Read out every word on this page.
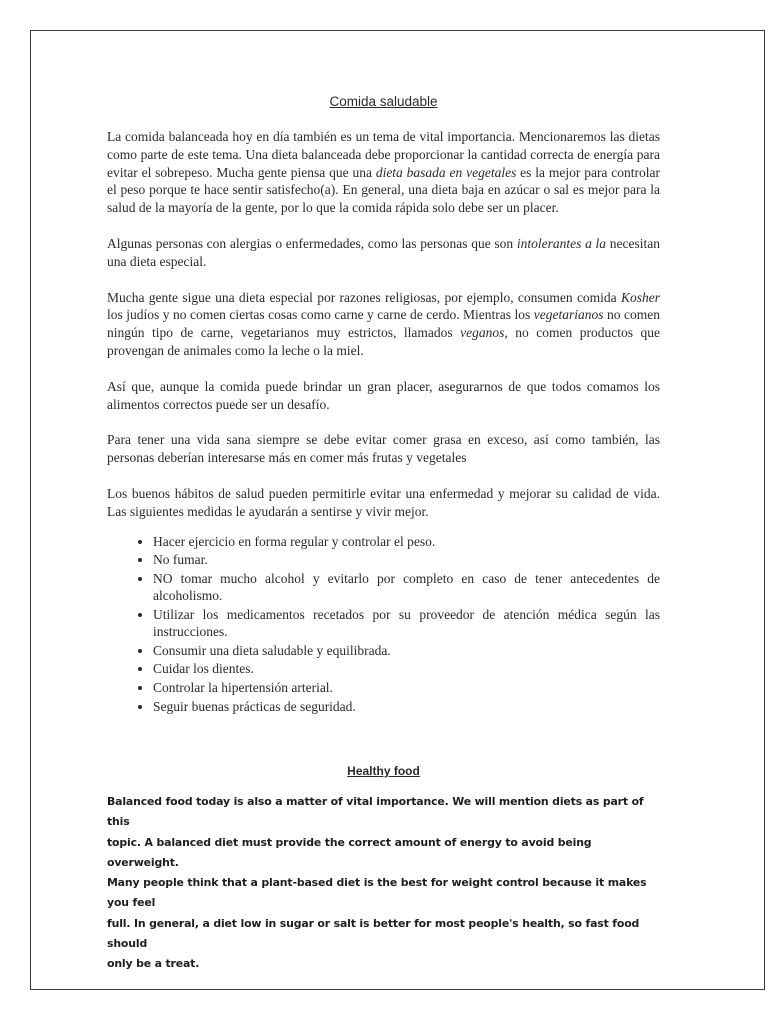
Comida saludable
La comida balanceada hoy en día también es un tema de vital importancia. Mencionaremos las dietas como parte de este tema. Una dieta balanceada debe proporcionar la cantidad correcta de energía para evitar el sobrepeso. Mucha gente piensa que una dieta basada en vegetales es la mejor para controlar el peso porque te hace sentir satisfecho(a). En general, una dieta baja en azúcar o sal es mejor para la salud de la mayoría de la gente, por lo que la comida rápida solo debe ser un placer.
Algunas personas con alergias o enfermedades, como las personas que son intolerantes a la necesitan una dieta especial.
Mucha gente sigue una dieta especial por razones religiosas, por ejemplo, consumen comida Kosher los judíos y no comen ciertas cosas como carne y carne de cerdo. Mientras los vegetarianos no comen ningún tipo de carne, vegetarianos muy estrictos, llamados veganos, no comen productos que provengan de animales como la leche o la miel.
Así que, aunque la comida puede brindar un gran placer, asegurarnos de que todos comamos los alimentos correctos puede ser un desafío.
Para tener una vida sana siempre se debe evitar comer grasa en exceso, así como también, las personas deberían interesarse más en comer más frutas y vegetales
Los buenos hábitos de salud pueden permitirle evitar una enfermedad y mejorar su calidad de vida. Las siguientes medidas le ayudarán a sentirse y vivir mejor.
• Hacer ejercicio en forma regular y controlar el peso.
• No fumar.
• NO tomar mucho alcohol y evitarlo por completo en caso de tener antecedentes de alcoholismo.
• Utilizar los medicamentos recetados por su proveedor de atención médica según las instrucciones.
• Consumir una dieta saludable y equilibrada.
• Cuidar los dientes.
• Controlar la hipertensión arterial.
• Seguir buenas prácticas de seguridad.
Healthy food
Balanced food today is also a matter of vital importance. We will mention diets as part of this
topic. A balanced diet must provide the correct amount of energy to avoid being overweight.
Many people think that a plant-based diet is the best for weight control because it makes you feel
full. In general, a diet low in sugar or salt is better for most people's health, so fast food should
only be a treat.
